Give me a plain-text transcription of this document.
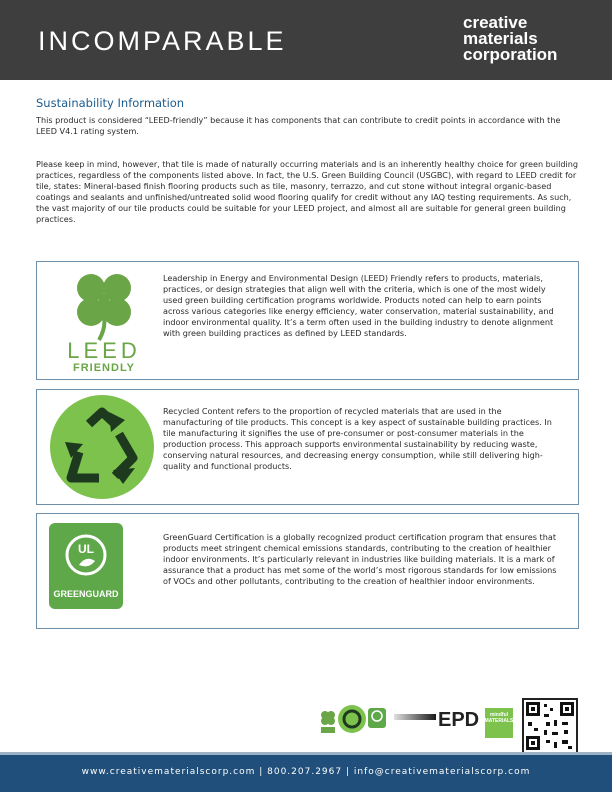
INCOMPARABLE
creative
materials
corporation
Sustainability Information
This product is considered “LEED-friendly” because it has components that can contribute to credit points in accordance with the LEED V4.1 rating system.
Please keep in mind, however, that tile is made of naturally occurring materials and is an inherently healthy choice for green building practices, regardless of the components listed above. In fact, the U.S. Green Building Council (USGBC), with regard to LEED credit for tile, states: Mineral-based finish flooring products such as tile, masonry, terrazzo, and cut stone without integral organic-based coatings and sealants and unfinished/untreated solid wood flooring qualify for credit without any IAQ testing requirements. As such, the vast majority of our tile products could be suitable for your LEED project, and almost all are suitable for general green building practices.
LEED
FRIENDLY
Leadership in Energy and Environmental Design (LEED) Friendly refers to products, materials, practices, or design strategies that align well with the criteria, which is one of the most widely used green building certification programs worldwide. Products noted can help to earn points across various categories like energy efficiency, water conservation, material sustainability, and indoor environmental quality. It’s a term often used in the building industry to denote alignment with green building practices as defined by LEED standards.
Recycled Content refers to the proportion of recycled materials that are used in the manufacturing of tile products. This concept is a key aspect of sustainable building practices. In tile manufacturing it signifies the use of pre-consumer or post-consumer materials in the production process. This approach supports environmental sustainability by reducing waste, conserving natural resources, and decreasing energy consumption, while still delivering high-quality and functional products.
UL
GREENGUARD
GreenGuard Certification is a globally recognized product certification program that ensures that products meet stringent chemical emissions standards, contributing to the creation of healthier indoor environments. It’s particularly relevant in industries like building materials. It is a mark of assurance that a product has met some of the world’s most rigorous standards for low emissions of VOCs and other pollutants, contributing to the creation of healthier indoor environments.
EPD	mindful MATERIALS
www.creativematerialscorp.com | 800.207.2967 | info@creativematerialscorp.com
